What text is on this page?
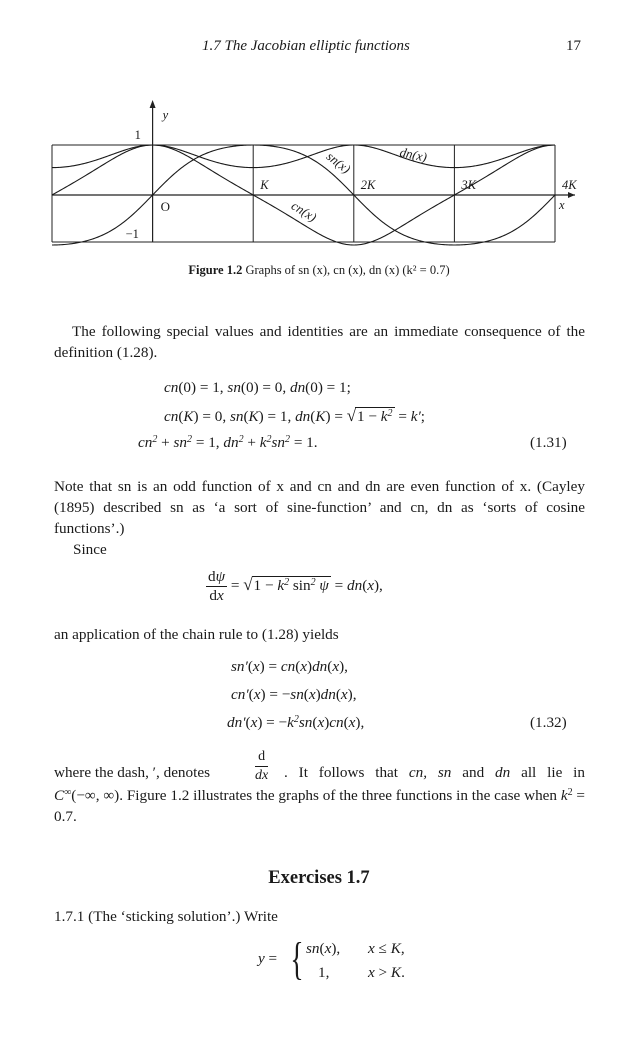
1.7 The Jacobian elliptic functions	17
K	2K	3K	4K
1
−1
O
y
x
sn(x)
cn(x)
dn(x)
Figure 1.2 Graphs of sn (x), cn (x), dn (x) (k² = 0.7)
The following special values and identities are an immediate consequence of the definition (1.28).
cn(0) = 1, sn(0) = 0, dn(0) = 1;
cn(K) = 0, sn(K) = 1, $dn(K) = √1 - k^2 = k'$;
$cn^2 + sn^2 = 1$, $dn^2 + k^2sn^2 = 1$.	(1.31)
Note that sn is an odd function of x and cn and dn are even function of x. (Cayley (1895) described sn as ‘a sort of sine-function’ and cn, dn as ‘sorts of cosine functions’.)
Since
$\frac{d\psi}{dx} = √1 - k^2$ $\sin^2 \psi = dn(x)$,
an application of the chain rule to (1.28) yields
sn′(x) = cn(x)dn(x),
cn′(x) = −sn(x)dn(x),
$dn'(x) = -k^2sn(x)cn(x)$,	(1.32)
where the dash, ′, denotes	$\frac{d}{dx}$ . It follows that cn, sn and dn all lie in
C∞(−∞, ∞). Figure 1.2 illustrates the graphs of the three functions in the case when $k^2 = 0.7$.
Exercises 1.7
1.7.1 (The ‘sticking solution’.) Write
y = { sn(x), x ≤ K,
1,	x > K.
